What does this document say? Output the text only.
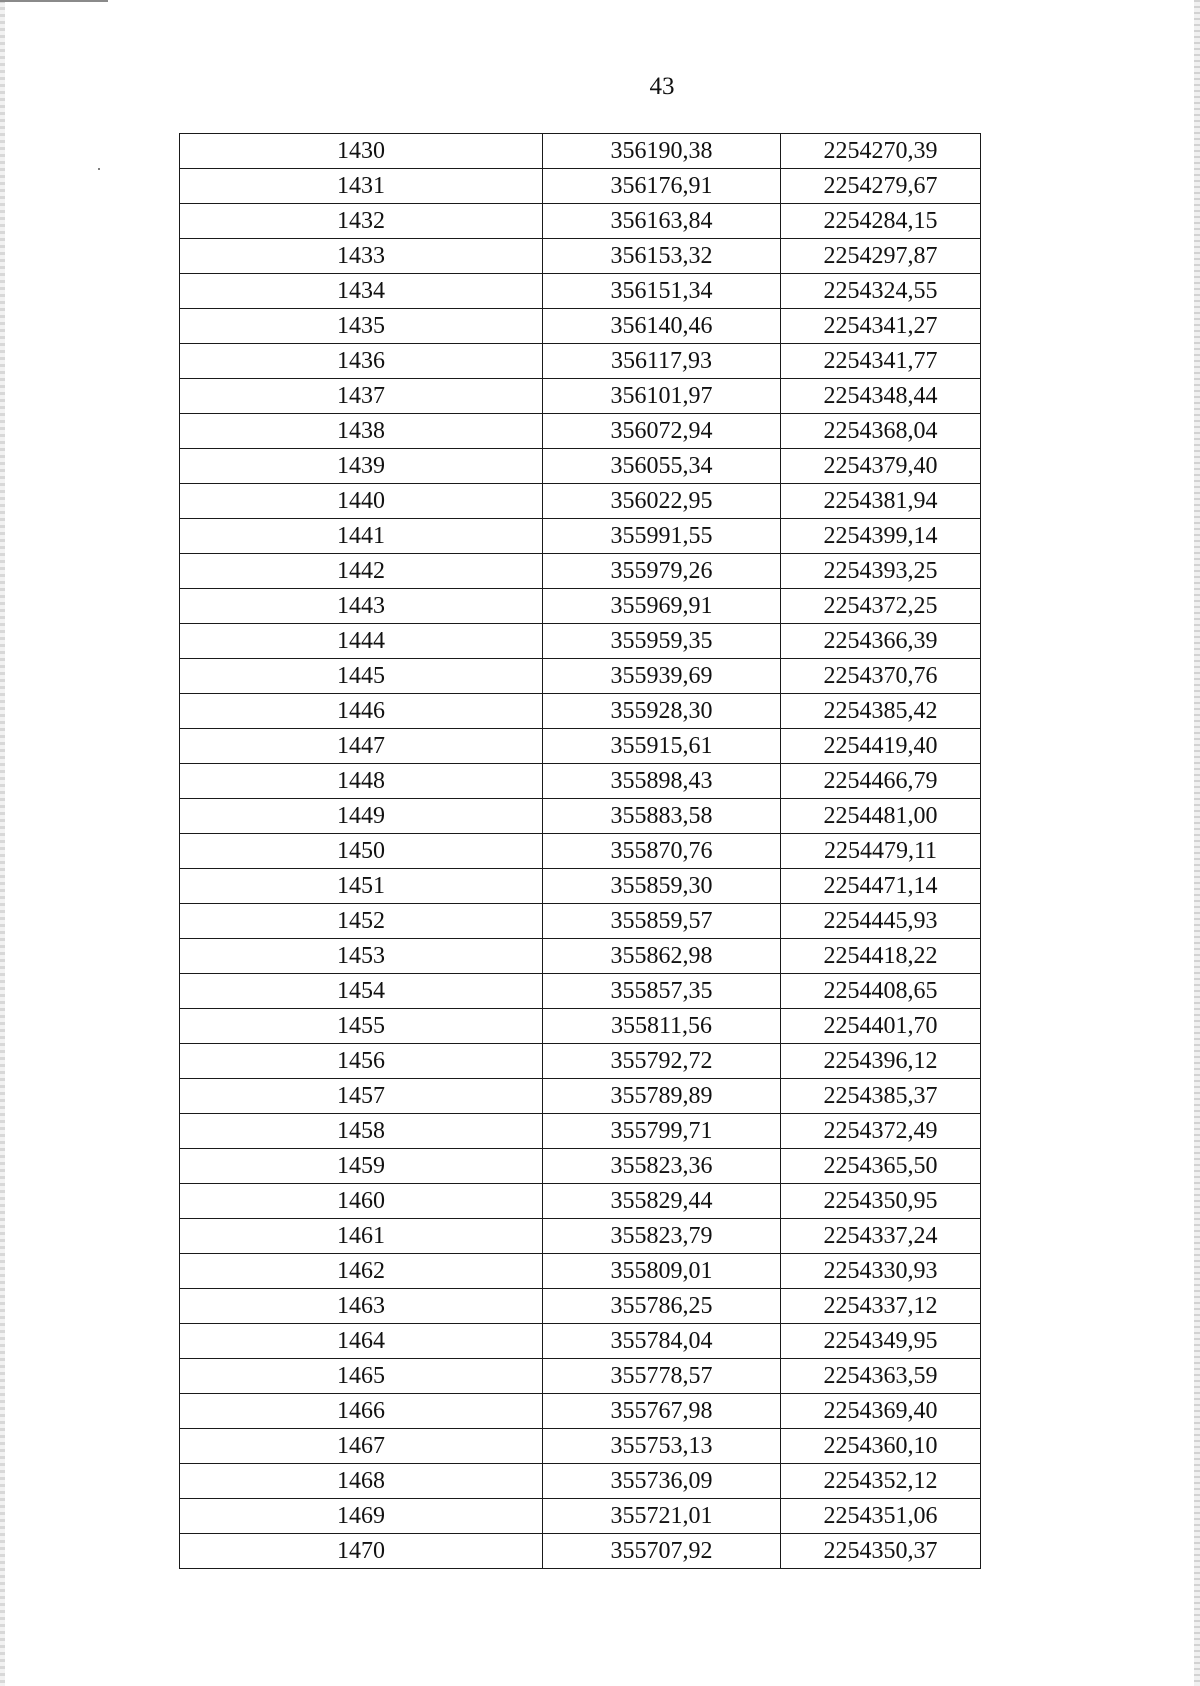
43
1430	356190,38	2254270,39
1431	356176,91	2254279,67
1432	356163,84	2254284,15
1433	356153,32	2254297,87
1434	356151,34	2254324,55
1435	356140,46	2254341,27
1436	356117,93	2254341,77
1437	356101,97	2254348,44
1438	356072,94	2254368,04
1439	356055,34	2254379,40
1440	356022,95	2254381,94
1441	355991,55	2254399,14
1442	355979,26	2254393,25
1443	355969,91	2254372,25
1444	355959,35	2254366,39
1445	355939,69	2254370,76
1446	355928,30	2254385,42
1447	355915,61	2254419,40
1448	355898,43	2254466,79
1449	355883,58	2254481,00
1450	355870,76	2254479,11
1451	355859,30	2254471,14
1452	355859,57	2254445,93
1453	355862,98	2254418,22
1454	355857,35	2254408,65
1455	355811,56	2254401,70
1456	355792,72	2254396,12
1457	355789,89	2254385,37
1458	355799,71	2254372,49
1459	355823,36	2254365,50
1460	355829,44	2254350,95
1461	355823,79	2254337,24
1462	355809,01	2254330,93
1463	355786,25	2254337,12
1464	355784,04	2254349,95
1465	355778,57	2254363,59
1466	355767,98	2254369,40
1467	355753,13	2254360,10
1468	355736,09	2254352,12
1469	355721,01	2254351,06
1470	355707,92	2254350,37
